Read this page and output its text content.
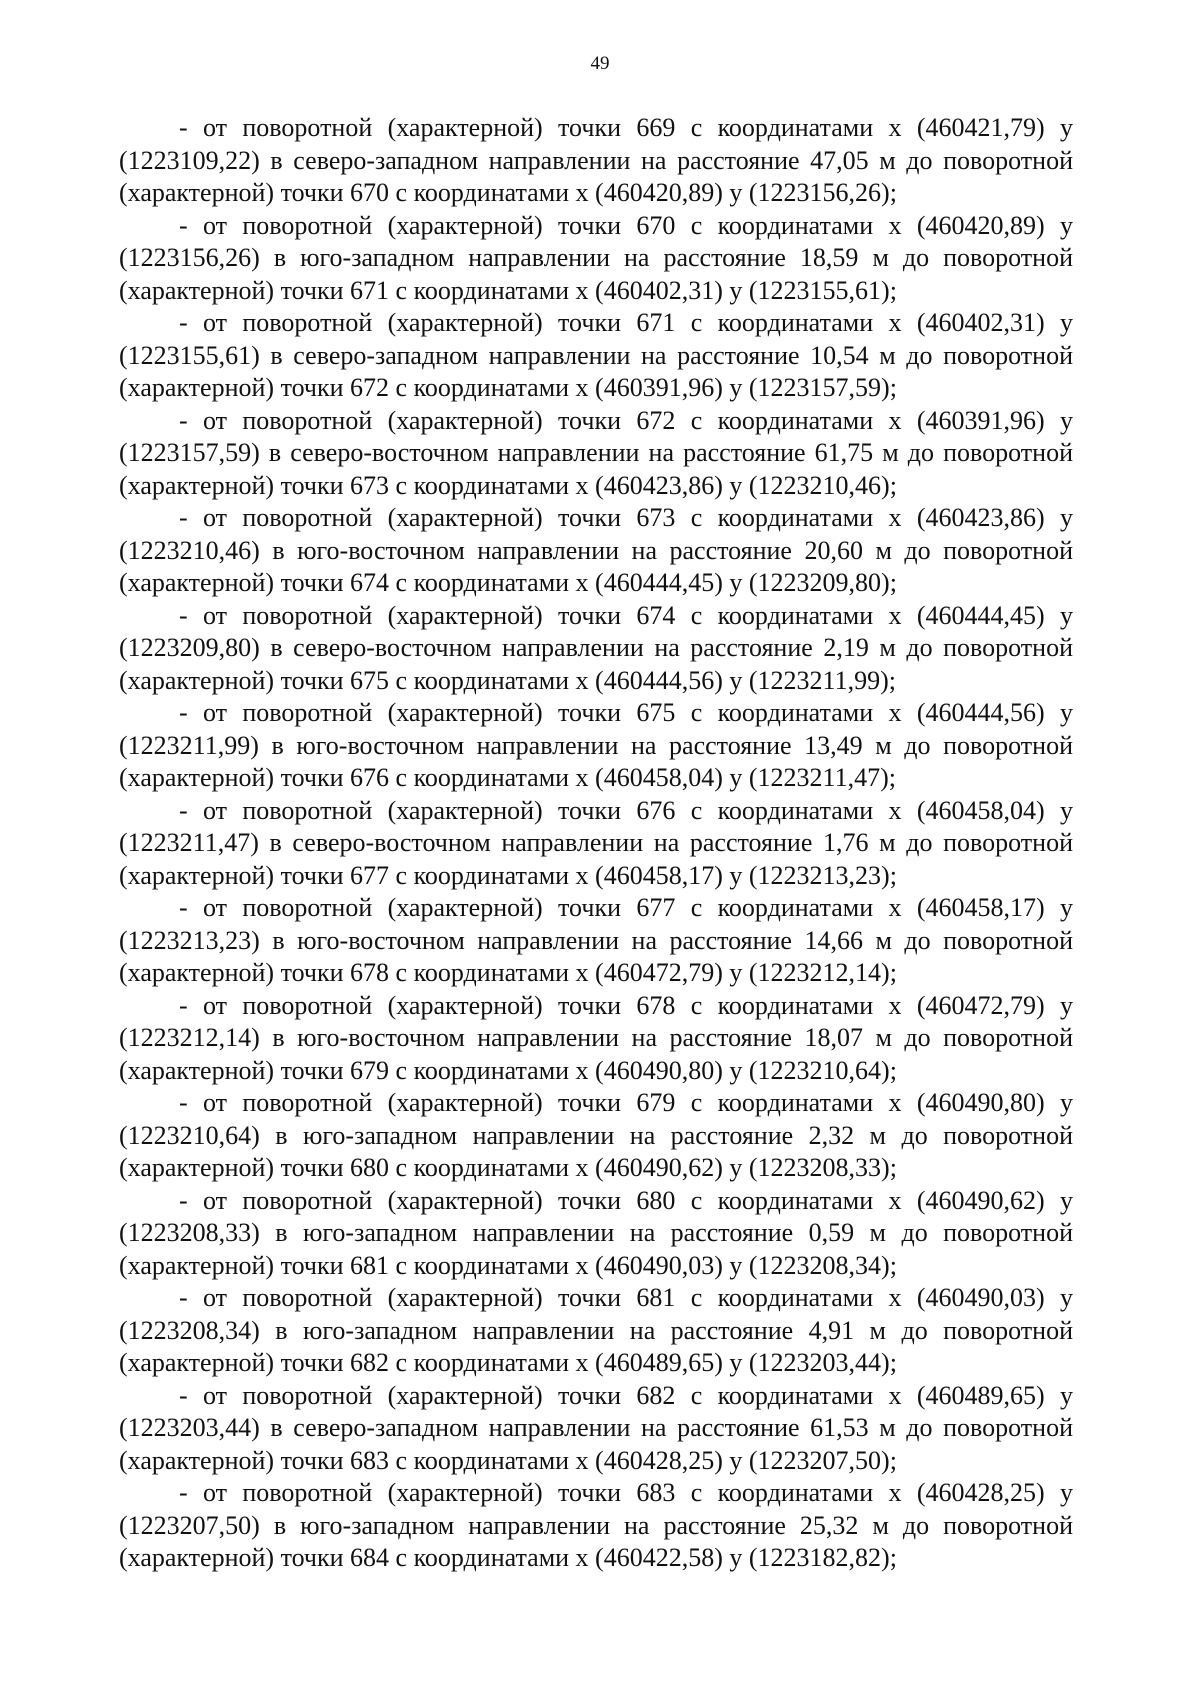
49

- от поворотной (характерной) точки 669 с координатами х (460421,79) у (1223109,22) в северо-западном направлении на расстояние 47,05 м до поворотной (характерной) точки 670 с координатами х (460420,89) у (1223156,26);

- от поворотной (характерной) точки 670 с координатами х (460420,89) у (1223156,26) в юго-западном направлении на расстояние 18,59 м до поворотной (характерной) точки 671 с координатами х (460402,31) у (1223155,61);

- от поворотной (характерной) точки 671 с координатами х (460402,31) у (1223155,61) в северо-западном направлении на расстояние 10,54 м до поворотной (характерной) точки 672 с координатами х (460391,96) у (1223157,59);

- от поворотной (характерной) точки 672 с координатами х (460391,96) у (1223157,59) в северо-восточном направлении на расстояние 61,75 м до поворотной (характерной) точки 673 с координатами х (460423,86) у (1223210,46);

- от поворотной (характерной) точки 673 с координатами х (460423,86) у (1223210,46) в юго-восточном направлении на расстояние 20,60 м до поворотной (характерной) точки 674 с координатами х (460444,45) у (1223209,80);

- от поворотной (характерной) точки 674 с координатами х (460444,45) у (1223209,80) в северо-восточном направлении на расстояние 2,19 м до поворотной (характерной) точки 675 с координатами х (460444,56) у (1223211,99);

- от поворотной (характерной) точки 675 с координатами х (460444,56) у (1223211,99) в юго-восточном направлении на расстояние 13,49 м до поворотной (характерной) точки 676 с координатами х (460458,04) у (1223211,47);

- от поворотной (характерной) точки 676 с координатами х (460458,04) у (1223211,47) в северо-восточном направлении на расстояние 1,76 м до поворотной (характерной) точки 677 с координатами х (460458,17) у (1223213,23);

- от поворотной (характерной) точки 677 с координатами х (460458,17) у (1223213,23) в юго-восточном направлении на расстояние 14,66 м до поворотной (характерной) точки 678 с координатами х (460472,79) у (1223212,14);

- от поворотной (характерной) точки 678 с координатами х (460472,79) у (1223212,14) в юго-восточном направлении на расстояние 18,07 м до поворотной (характерной) точки 679 с координатами х (460490,80) у (1223210,64);

- от поворотной (характерной) точки 679 с координатами х (460490,80) у (1223210,64) в юго-западном направлении на расстояние 2,32 м до поворотной (характерной) точки 680 с координатами х (460490,62) у (1223208,33);

- от поворотной (характерной) точки 680 с координатами х (460490,62) у (1223208,33) в юго-западном направлении на расстояние 0,59 м до поворотной (характерной) точки 681 с координатами х (460490,03) у (1223208,34);

- от поворотной (характерной) точки 681 с координатами х (460490,03) у (1223208,34) в юго-западном направлении на расстояние 4,91 м до поворотной (характерной) точки 682 с координатами х (460489,65) у (1223203,44);

- от поворотной (характерной) точки 682 с координатами х (460489,65) у (1223203,44) в северо-западном направлении на расстояние 61,53 м до поворотной (характерной) точки 683 с координатами х (460428,25) у (1223207,50);

- от поворотной (характерной) точки 683 с координатами х (460428,25) у (1223207,50) в юго-западном направлении на расстояние 25,32 м до поворотной (характерной) точки 684 с координатами х (460422,58) у (1223182,82);
